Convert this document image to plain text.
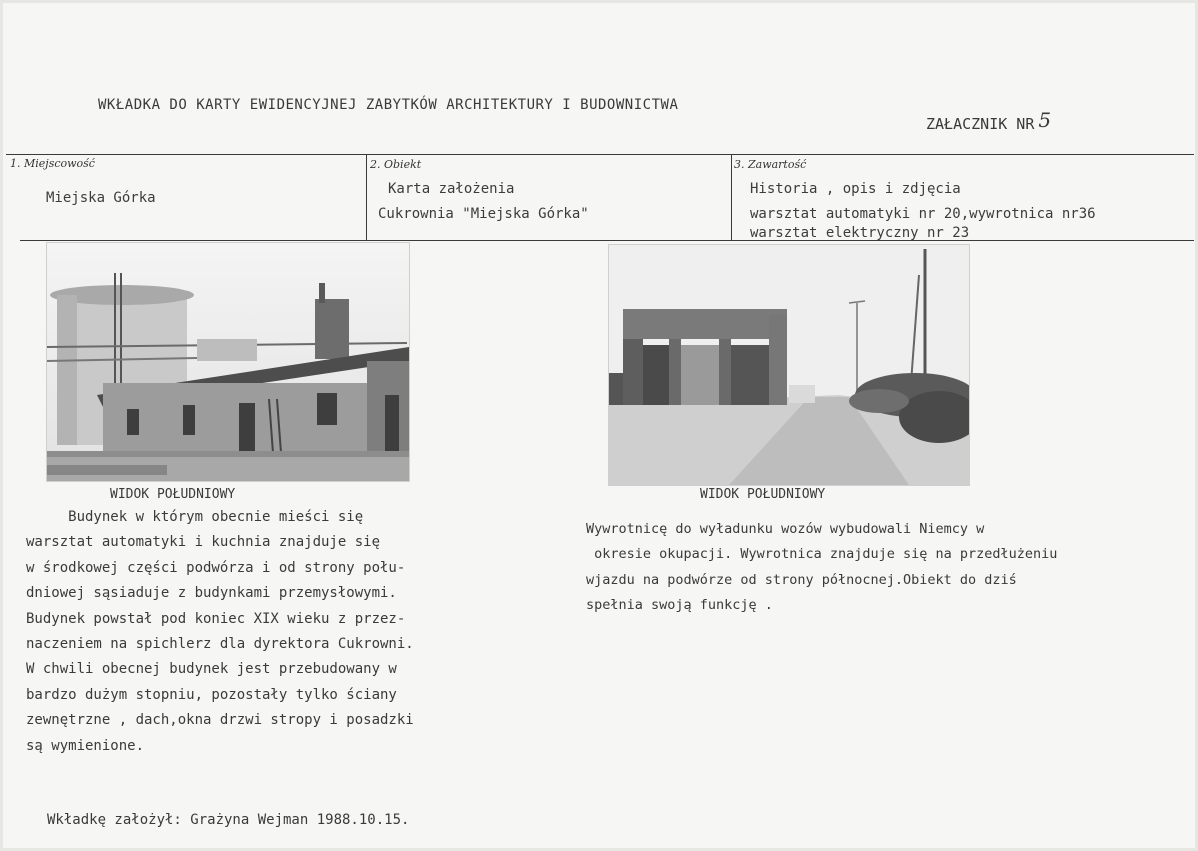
WKŁADKA DO KARTY EWIDENCYJNEJ ZABYTKÓW ARCHITEKTURY I BUDOWNICTWA
ZAŁACZNIK NR 5
1. Miejscowość
Miejska Górka
2. Obiekt
Karta założenia
Cukrownia "Miejska Górka"
3. Zawartość
Historia , opis i zdjęcia
warsztat automatyki nr 20,wywrotnica nr36
warsztat elektryczny nr 23
WIDOK POŁUDNIOWY	WIDOK POŁUDNIOWY
Budynek w którym obecnie mieści się
warsztat automatyki i kuchnia znajduje się
w środkowej części podwórza i od strony połu-
dniowej sąsiaduje z budynkami przemysłowymi.
Budynek powstał pod koniec XIX wieku z przez-
naczeniem na spichlerz dla dyrektora Cukrowni.
W chwili obecnej budynek jest przebudowany w
bardzo dużym stopniu, pozostały tylko ściany
zewnętrzne , dach,okna drzwi stropy i posadzki
są wymienione.
Wywrotnicę do wyładunku wozów wybudowali Niemcy w
okresie okupacji. Wywrotnica znajduje się na przedłużeniu
wjazdu na podwórze od strony północnej.Obiekt do dziś
spełnia swoją funkcję .
Wkładkę założył: Grażyna Wejman 1988.10.15.
